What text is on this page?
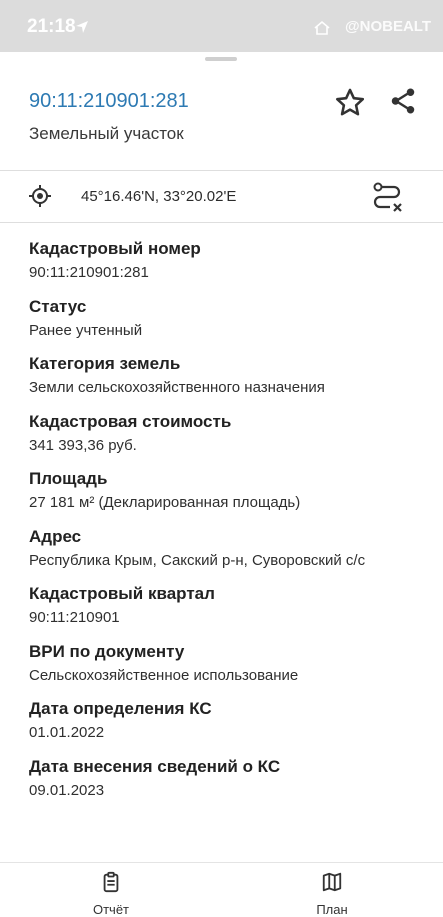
21:18	@NOBEALT
90:11:210901:281
Земельный участок
45°16.46'N, 33°20.02'E
Кадастровый номер
90:11:210901:281
Статус
Ранее учтенный
Категория земель
Земли сельскохозяйственного назначения
Кадастровая стоимость
341 393,36 руб.
Площадь
27 181 м² (Декларированная площадь)
Адрес
Республика Крым, Сакский р-н, Суворовский с/с
Кадастровый квартал
90:11:210901
ВРИ по документу
Сельскохозяйственное использование
Дата определения КС
01.01.2022
Дата внесения сведений о КС
09.01.2023
Отчёт	План
